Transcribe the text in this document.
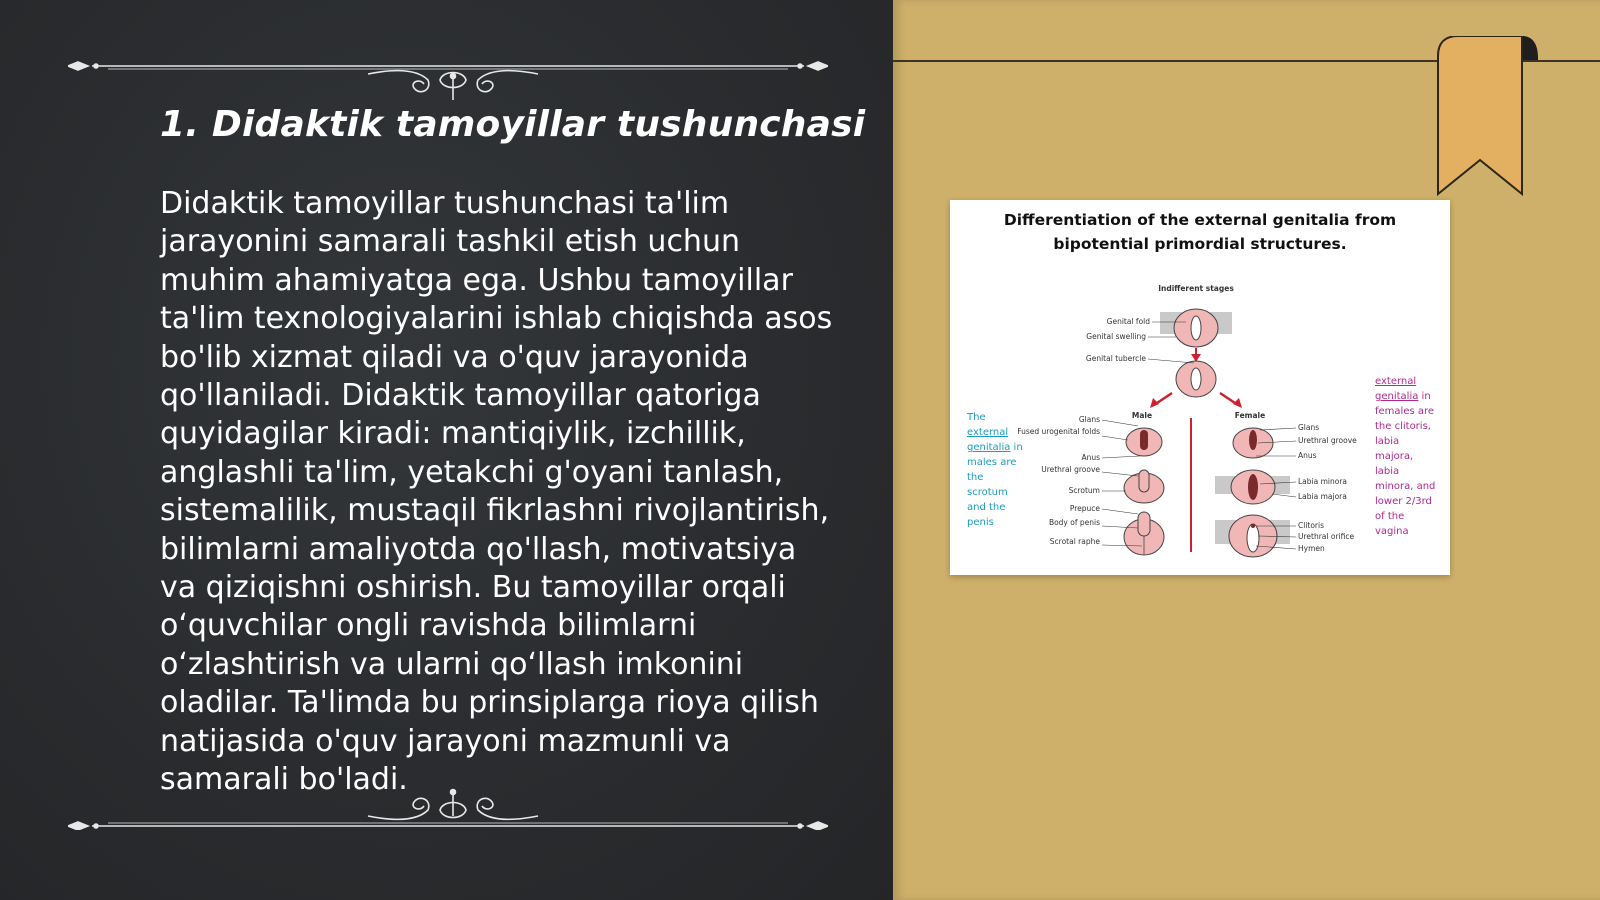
1. Didaktik tamoyillar tushunchasi

Didaktik tamoyillar tushunchasi ta'lim jarayonini samarali tashkil etish uchun muhim ahamiyatga ega. Ushbu tamoyillar ta'lim texnologiyalarini ishlab chiqishda asos bo'lib xizmat qiladi va o'quv jarayonida qo'llaniladi. Didaktik tamoyillar qatoriga quyidagilar kiradi: mantiqiylik, izchillik, anglashli ta'lim, yetakchi g'oyani tanlash, sistemalilik, mustaqil fikrlashni rivojlantirish, bilimlarni amaliyotda qo'llash, motivatsiya va qiziqishni oshirish. Bu tamoyillar orqali o‘quvchilar ongli ravishda bilimlarni o‘zlashtirish va ularni qo‘llash imkonini oladilar. Ta'limda bu prinsiplarga rioya qilish natijasida o'quv jarayoni mazmunli va samarali bo'ladi.

Differentiation of the external genitalia from
bipotential primordial structures.
Indifferent stages
Genital fold
Genital swelling
Genital tubercle
Male	Female
Glans
Fused urogenital folds
Anus
Urethral groove
Scrotum
Prepuce
Body of penis
Scrotal raphe
Glans
Urethral groove
Anus
Labia minora
Labia majora
Clitoris
Urethral orifice
Hymen
The external genitalia in males are the scrotum and the penis
external genitalia in females are the clitoris, labia majora, labia minora, and lower 2/3rd of the vagina
